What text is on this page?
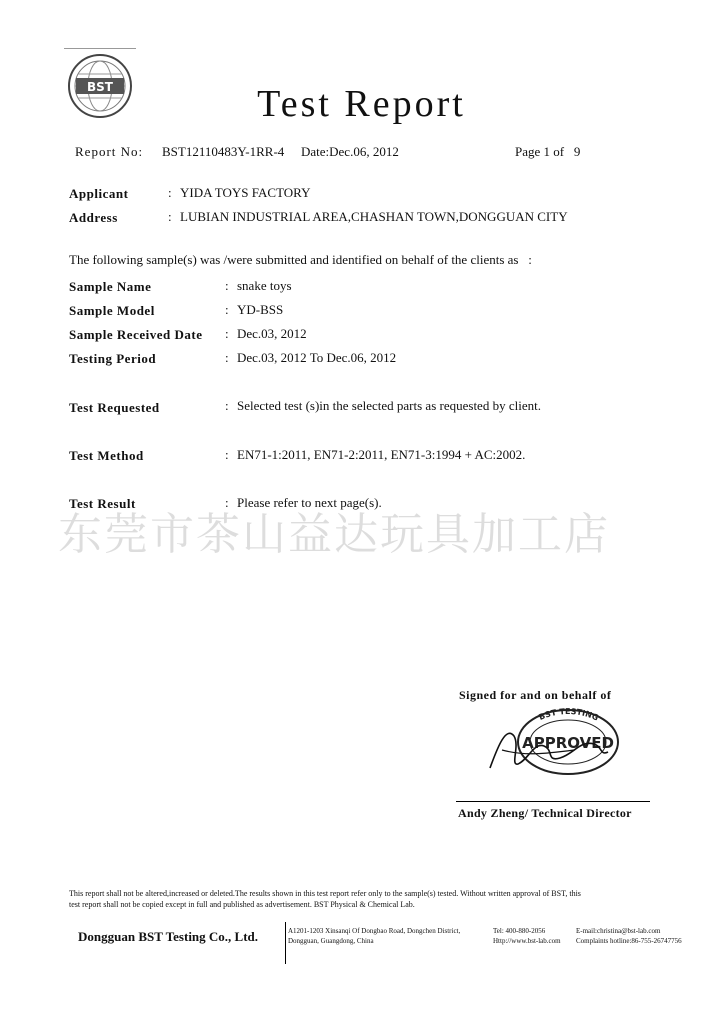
BST	Test Report
Report No: BST12110483Y-1RR-4 Date:Dec.06, 2012	Page 1 of   9
Applicant	: YIDA TOYS FACTORY
Address	: LUBIAN INDUSTRIAL AREA,CHASHAN TOWN,DONGGUAN CITY
The following sample(s) was /were submitted and identified on behalf of the clients as   :
Sample Name	: snake toys
Sample Model	: YD-BSS
Sample Received Date : Dec.03, 2012
Testing Period	: Dec.03, 2012 To Dec.06, 2012
Test Requested	: Selected test (s)in the selected parts as requested by client.
Test Method	: EN71-1:2011, EN71-2:2011, EN71-3:1994 + AC:2002.
Test Result	: Please refer to next page(s).
东莞市茶山益达玩具加工店
Signed for and on behalf of
BST TESTING
APPROVED
Andy Zheng/ Technical Director
This report shall not be altered,increased or deleted.The results shown in this test report refer only to the sample(s) tested. Without written approval of BST, this
test report shall not be copied except in full and published as advertisement. BST Physical & Chemical Lab.
Dongguan BST Testing Co., Ltd.	A1201-1203 Xinsanqi Of Dongbao Road, Dongchen District,
Dongguan, Guangdong, China
Tel: 400-880-2056
Http://www.bst-lab.com
E-mail:christina@bst-lab.com
Complaints hotline:86-755-26747756
